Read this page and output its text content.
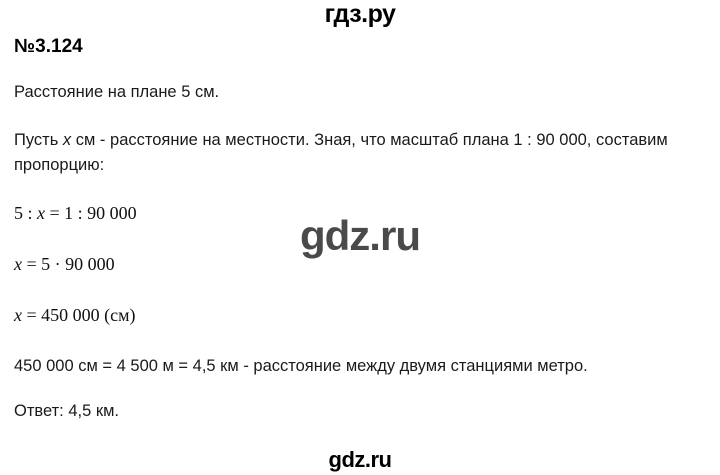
гдз.ру
№3.124

Расстояние на плане 5 см.

Пусть x см - расстояние на местности. Зная, что масштаб плана 1 : 90 000, составим пропорцию:

5 : x = 1 : 90 000

x = 5 · 90 000

x = 450 000 (см)

450 000 см = 4 500 м = 4,5 км - расстояние между двумя станциями метро.

Ответ: 4,5 км.

gdz.ru
gdz.ru
